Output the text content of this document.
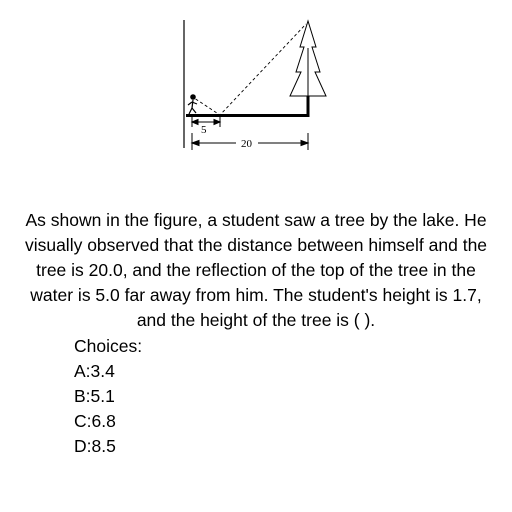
5
20

As shown in the figure, a student saw a tree by the lake. He visually observed that the distance between himself and the tree is 20.0, and the reflection of the top of the tree in the water is 5.0 far away from him. The student's height is 1.7, and the height of the tree is ( ).

Choices:
A:3.4
B:5.1
C:6.8
D:8.5
